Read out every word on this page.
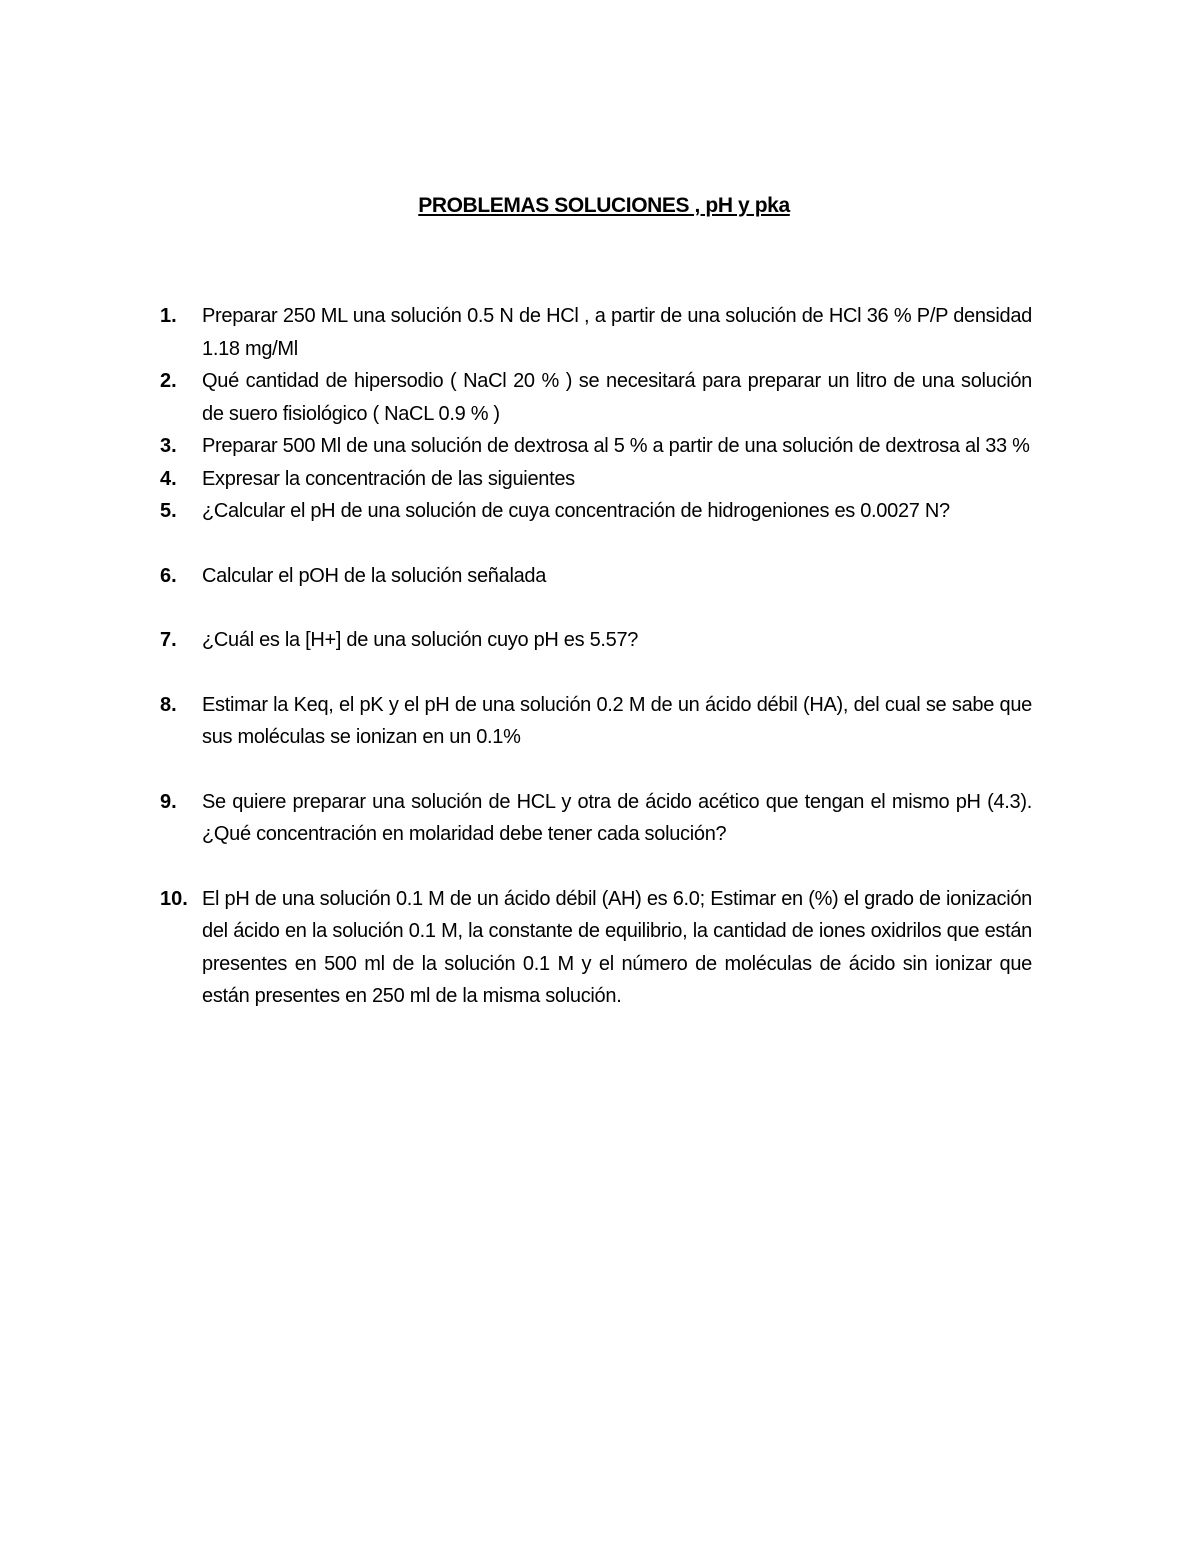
PROBLEMAS SOLUCIONES , pH y pka
1.	Preparar 250 ML una solución 0.5 N de HCl , a partir de una solución de HCl 36 % P/P densidad 1.18 mg/Ml
2.	Qué cantidad de hipersodio ( NaCl 20 % ) se necesitará para preparar un litro de una solución de suero fisiológico ( NaCL 0.9 % )
3.	Preparar 500 Ml de una solución de dextrosa al 5 % a partir de una solución de dextrosa al 33 %
4.	Expresar la concentración de las siguientes
5.	¿Calcular el pH de una solución de cuya concentración de hidrogeniones es 0.0027 N?
6.	Calcular el pOH de la solución señalada
7.	¿Cuál es la [H+] de una solución cuyo pH es 5.57?
8.	Estimar la Keq, el pK y el pH de una solución 0.2 M de un ácido débil (HA), del cual se sabe que sus moléculas se ionizan en un 0.1%
9.	Se quiere preparar una solución de HCL y otra de ácido acético que tengan el mismo pH (4.3). ¿Qué concentración en molaridad debe tener cada solución?
10. El pH de una solución 0.1 M de un ácido débil (AH) es 6.0; Estimar en (%) el grado de ionización del ácido en la solución 0.1 M, la constante de equilibrio, la cantidad de iones oxidrilos que están presentes en 500 ml de la solución 0.1 M y el número de moléculas de ácido sin ionizar que están presentes en 250 ml de la misma solución.
